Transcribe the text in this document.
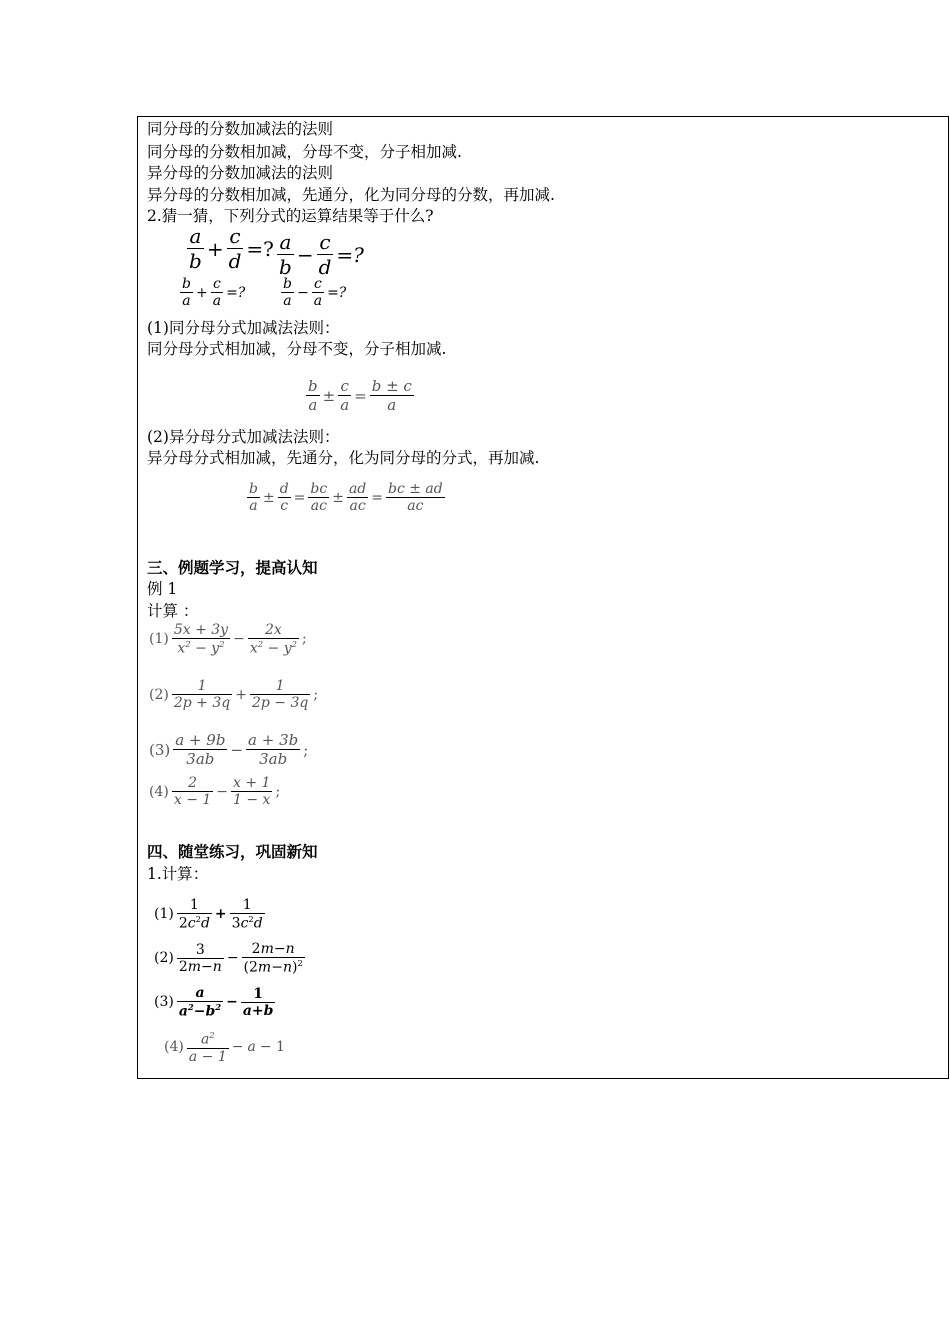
同分母的分数加减法的法则
同分母的分数相加减，分母不变，分子相加减.
异分母的分数加减法的法则
异分母的分数相加减，先通分，化为同分母的分数，再加减.
2.猜一猜，下列分式的运算结果等于什么?
$\frac{a}{b} + \frac{c}{d}$ =? $\frac{a}{b} - \frac{c}{d}$ =?
$\frac{b}{a} + \frac{c}{a}$ =?	$\frac{b}{a} - \frac{c}{a}$ =?
(1)同分母分式加减法法则：
同分母分式相加减，分母不变，分子相加减.
$\frac{b}{a} \pm \frac{c}{a} = \frac{b \pm c}{a}$
(2)异分母分式加减法法则：
异分母分式相加减，先通分，化为同分母的分式，再加减.
$\frac{b}{a} \pm \frac{d}{c} = \frac{bc}{ac} \pm \frac{ad}{ac} = \frac{bc \pm ad}{ac}$
三、例题学习，提高认知
例 1
计算 ：
$(1) \frac{5x + 3y}{x^2 - y^2} - \frac{2x}{x^2 - y^2}$ ;
$(2) \frac{1}{2p + 3q} + \frac{1}{2p - 3q}$ ;
$(3) \frac{a + 9b}{3ab} - \frac{a + 3b}{3ab}$ ;
$(4) \frac{2}{x - 1} - \frac{x + 1}{1 - x}$ ;
四、随堂练习，巩固新知
1.计算：
$(1) \frac{1}{2c^2d} + \frac{1}{3c^2d}$
$(2) \frac{3}{2m-n} - \frac{2m-n}{(2m-n)^2}$
$(3) \frac{a}{a^2-b^2} - \frac{1}{a+b}$
$(4) \frac{a^2}{a - 1} - a - 1$
